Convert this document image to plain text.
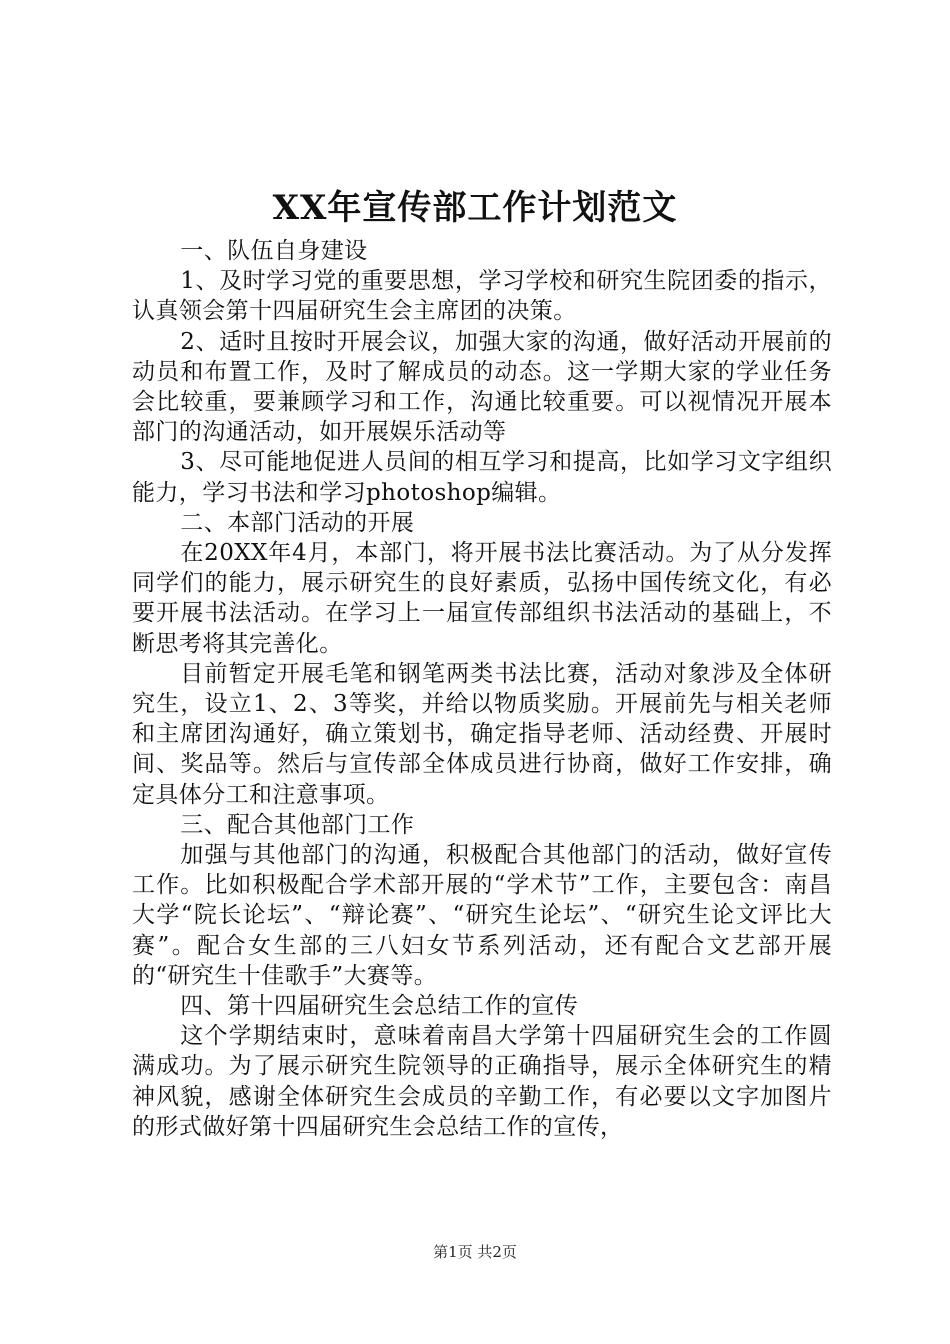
XX年宣传部工作计划范文

一、队伍自身建设

1、及时学习党的重要思想，学习学校和研究生院团委的指示，认真领会第十四届研究生会主席团的决策。

2、适时且按时开展会议，加强大家的沟通，做好活动开展前的动员和布置工作，及时了解成员的动态。这一学期大家的学业任务会比较重，要兼顾学习和工作，沟通比较重要。可以视情况开展本部门的沟通活动，如开展娱乐活动等

3、尽可能地促进人员间的相互学习和提高，比如学习文字组织能力，学习书法和学习photoshop编辑。

二、本部门活动的开展

在20XX年4月，本部门，将开展书法比赛活动。为了从分发挥同学们的能力，展示研究生的良好素质，弘扬中国传统文化，有必要开展书法活动。在学习上一届宣传部组织书法活动的基础上，不断思考将其完善化。

目前暂定开展毛笔和钢笔两类书法比赛，活动对象涉及全体研究生，设立1、2、3等奖，并给以物质奖励。开展前先与相关老师和主席团沟通好，确立策划书，确定指导老师、活动经费、开展时间、奖品等。然后与宣传部全体成员进行协商，做好工作安排，确定具体分工和注意事项。

三、配合其他部门工作

加强与其他部门的沟通，积极配合其他部门的活动，做好宣传工作。比如积极配合学术部开展的“学术节”工作，主要包含：南昌大学“院长论坛”、“辩论赛”、“研究生论坛”、“研究生论文评比大赛”。配合女生部的三八妇女节系列活动，还有配合文艺部开展的“研究生十佳歌手”大赛等。

四、第十四届研究生会总结工作的宣传

这个学期结束时，意味着南昌大学第十四届研究生会的工作圆满成功。为了展示研究生院领导的正确指导，展示全体研究生的精神风貌，感谢全体研究生会成员的辛勤工作，有必要以文字加图片的形式做好第十四届研究生会总结工作的宣传，

第1页 共2页
